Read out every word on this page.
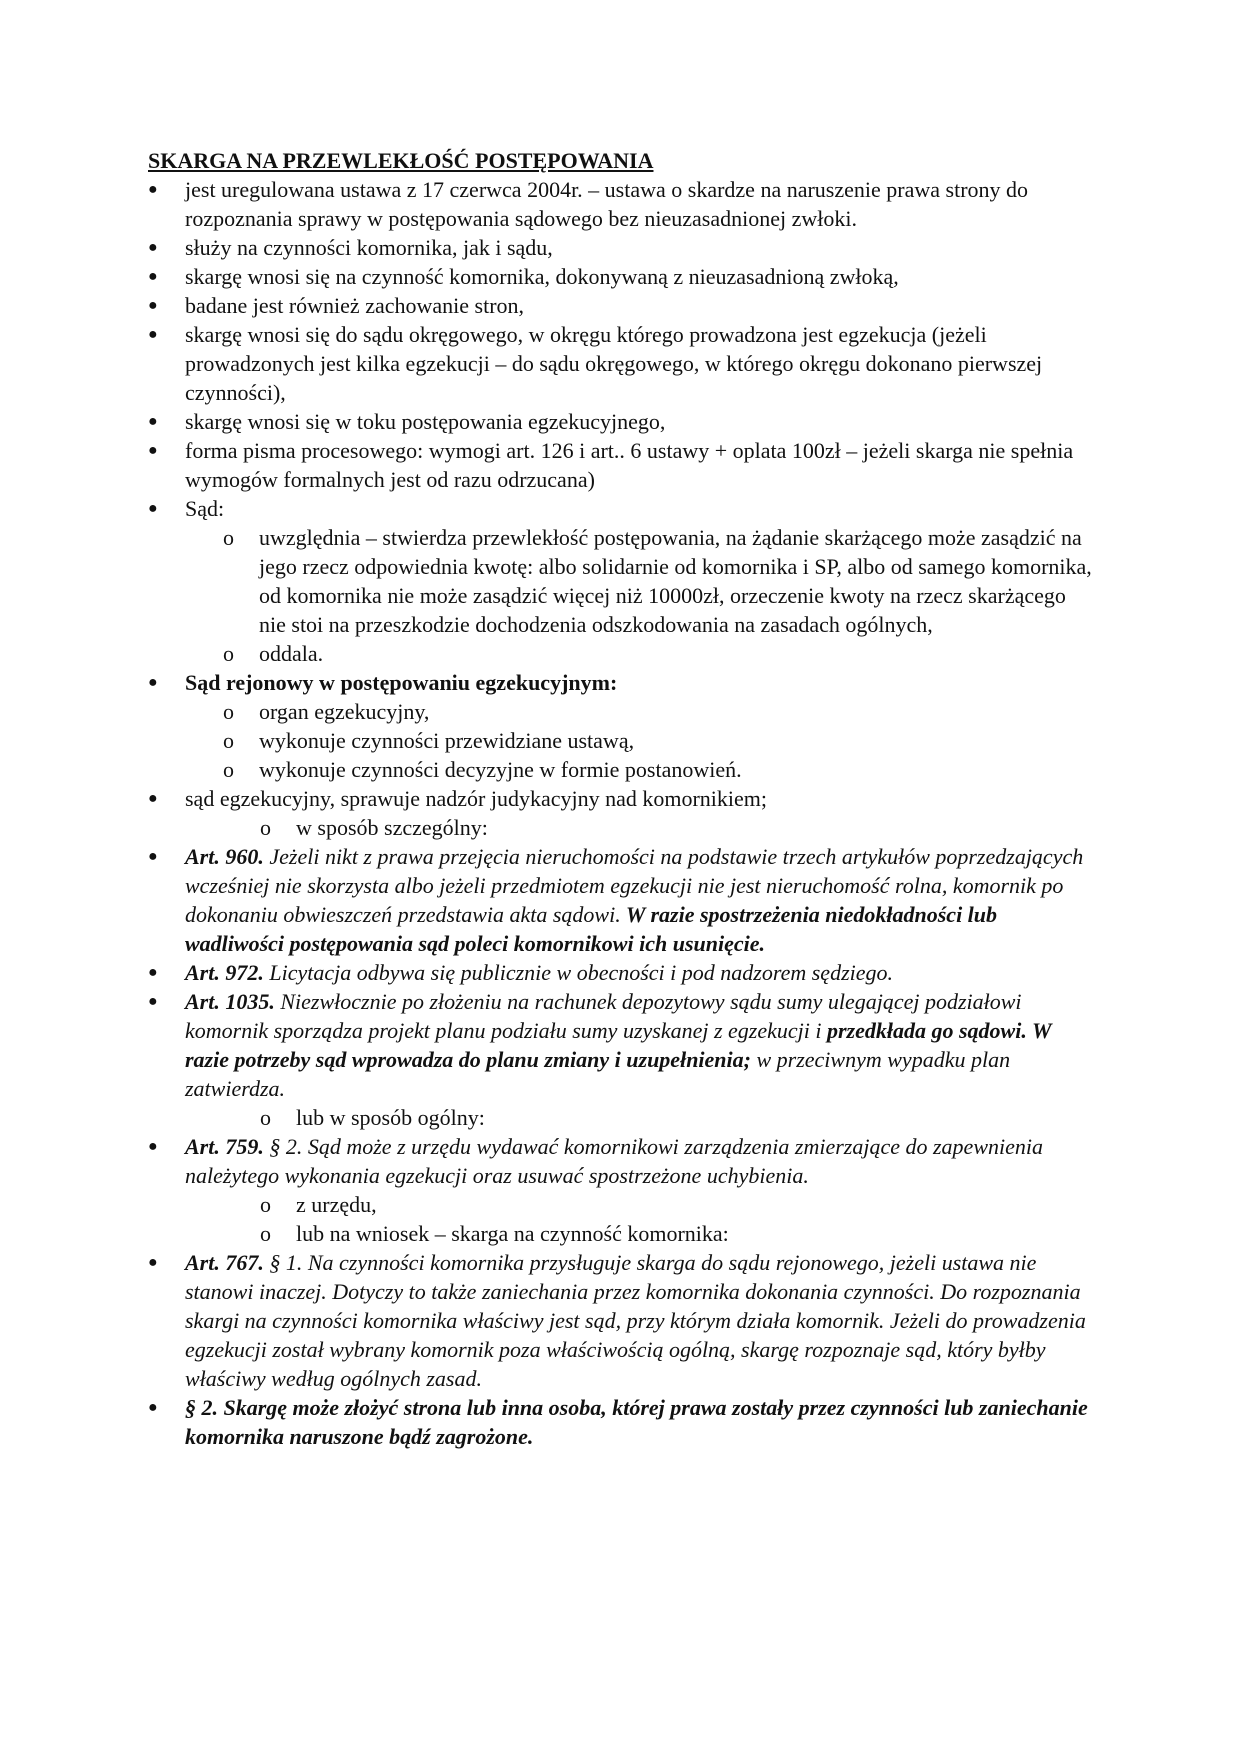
SKARGA NA PRZEWLEKŁOŚĆ POSTĘPOWANIA

●	jest uregulowana ustawa z 17 czerwca 2004r. – ustawa o skardze na naruszenie prawa strony do rozpoznania sprawy w postępowania sądowego bez nieuzasadnionej zwłoki.
●	służy na czynności komornika, jak i sądu,
●	skargę wnosi się na czynność komornika, dokonywaną z nieuzasadnioną zwłoką,
●	badane jest również zachowanie stron,
●	skargę wnosi się do sądu okręgowego, w okręgu którego prowadzona jest egzekucja (jeżeli prowadzonych jest kilka egzekucji – do sądu okręgowego, w którego okręgu dokonano pierwszej czynności),
●	skargę wnosi się w toku postępowania egzekucyjnego,
●	forma pisma procesowego: wymogi art. 126 i art.. 6 ustawy + oplata 100zł – jeżeli skarga nie spełnia wymogów formalnych jest od razu odrzucana)
●	Sąd:
o uwzględnia – stwierdza przewlekłość postępowania, na żądanie skarżącego może zasądzić na jego rzecz odpowiednia kwotę: albo solidarnie od komornika i SP, albo od samego komornika, od komornika nie może zasądzić więcej niż 10000zł, orzeczenie kwoty na rzecz skarżącego nie stoi na przeszkodzie dochodzenia odszkodowania na zasadach ogólnych,
o oddala.
●	Sąd rejonowy w postępowaniu egzekucyjnym:
o organ egzekucyjny,
o wykonuje czynności przewidziane ustawą,
o wykonuje czynności decyzyjne w formie postanowień.
●	sąd egzekucyjny, sprawuje nadzór judykacyjny nad komornikiem;
o w sposób szczególny:
●	Art. 960. Jeżeli nikt z prawa przejęcia nieruchomości na podstawie trzech artykułów poprzedzających wcześniej nie skorzysta albo jeżeli przedmiotem egzekucji nie jest nieruchomość rolna, komornik po dokonaniu obwieszczeń przedstawia akta sądowi. W razie spostrzeżenia niedokładności lub wadliwości postępowania sąd poleci komornikowi ich usunięcie.
●	Art. 972. Licytacja odbywa się publicznie w obecności i pod nadzorem sędziego.
●	Art. 1035. Niezwłocznie po złożeniu na rachunek depozytowy sądu sumy ulegającej podziałowi komornik sporządza projekt planu podziału sumy uzyskanej z egzekucji i przedkłada go sądowi. W razie potrzeby sąd wprowadza do planu zmiany i uzupełnienia; w przeciwnym wypadku plan zatwierdza.
o lub w sposób ogólny:
●	Art. 759. § 2. Sąd może z urzędu wydawać komornikowi zarządzenia zmierzające do zapewnienia należytego wykonania egzekucji oraz usuwać spostrzeżone uchybienia.
o z urzędu,
o lub na wniosek – skarga na czynność komornika:
●	Art. 767. § 1. Na czynności komornika przysługuje skarga do sądu rejonowego, jeżeli ustawa nie stanowi inaczej. Dotyczy to także zaniechania przez komornika dokonania czynności. Do rozpoznania skargi na czynności komornika właściwy jest sąd, przy którym działa komornik. Jeżeli do prowadzenia egzekucji został wybrany komornik poza właściwością ogólną, skargę rozpoznaje sąd, który byłby właściwy według ogólnych zasad.
●	§ 2. Skargę może złożyć strona lub inna osoba, której prawa zostały przez czynności lub zaniechanie komornika naruszone bądź zagrożone.
